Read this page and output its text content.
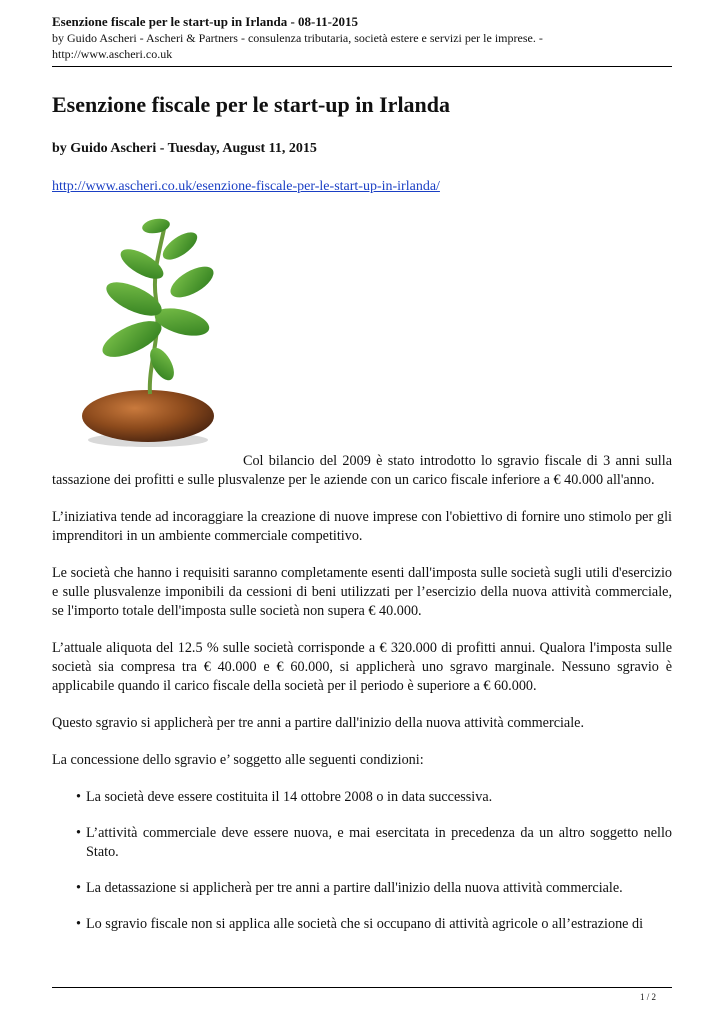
Esenzione fiscale per le start-up in Irlanda - 08-11-2015
by Guido Ascheri - Ascheri & Partners - consulenza tributaria, società estere e servizi per le imprese. -
http://www.ascheri.co.uk
Esenzione fiscale per le start-up in Irlanda
by Guido Ascheri - Tuesday, August 11, 2015
http://www.ascheri.co.uk/esenzione-fiscale-per-le-start-up-in-irlanda/

Col bilancio del 2009 è stato introdotto lo sgravio fiscale di 3 anni sulla tassazione dei profitti e sulle plusvalenze per le aziende con un carico fiscale inferiore a € 40.000 all'anno.

L’iniziativa tende ad incoraggiare la creazione di nuove imprese con l'obiettivo di fornire uno stimolo per gli imprenditori in un ambiente commerciale competitivo.

Le società che hanno i requisiti saranno completamente esenti dall'imposta sulle società sugli utili d'esercizio e sulle plusvalenze imponibili da cessioni di beni utilizzati per l’esercizio della nuova attività commerciale, se l'importo totale dell'imposta sulle società non supera € 40.000.

L’attuale aliquota del 12.5 % sulle società corrisponde a € 320.000 di profitti annui. Qualora l'imposta sulle società sia compresa tra € 40.000 e € 60.000, si applicherà uno sgravo marginale. Nessuno sgravio è applicabile quando il carico fiscale della società per il periodo è superiore a € 60.000.

Questo sgravio si applicherà per tre anni a partire dall'inizio della nuova attività commerciale.

La concessione dello sgravio e’ soggetto alle seguenti condizioni:

• La società deve essere costituita il 14 ottobre 2008 o in data successiva.
• L’attività commerciale deve essere nuova, e mai esercitata in precedenza da un altro soggetto nello Stato.
• La detassazione si applicherà per tre anni a partire dall'inizio della nuova attività commerciale.
• Lo sgravio fiscale non si applica alle società che si occupano di attività agricole o all’estrazione di
1 / 2
